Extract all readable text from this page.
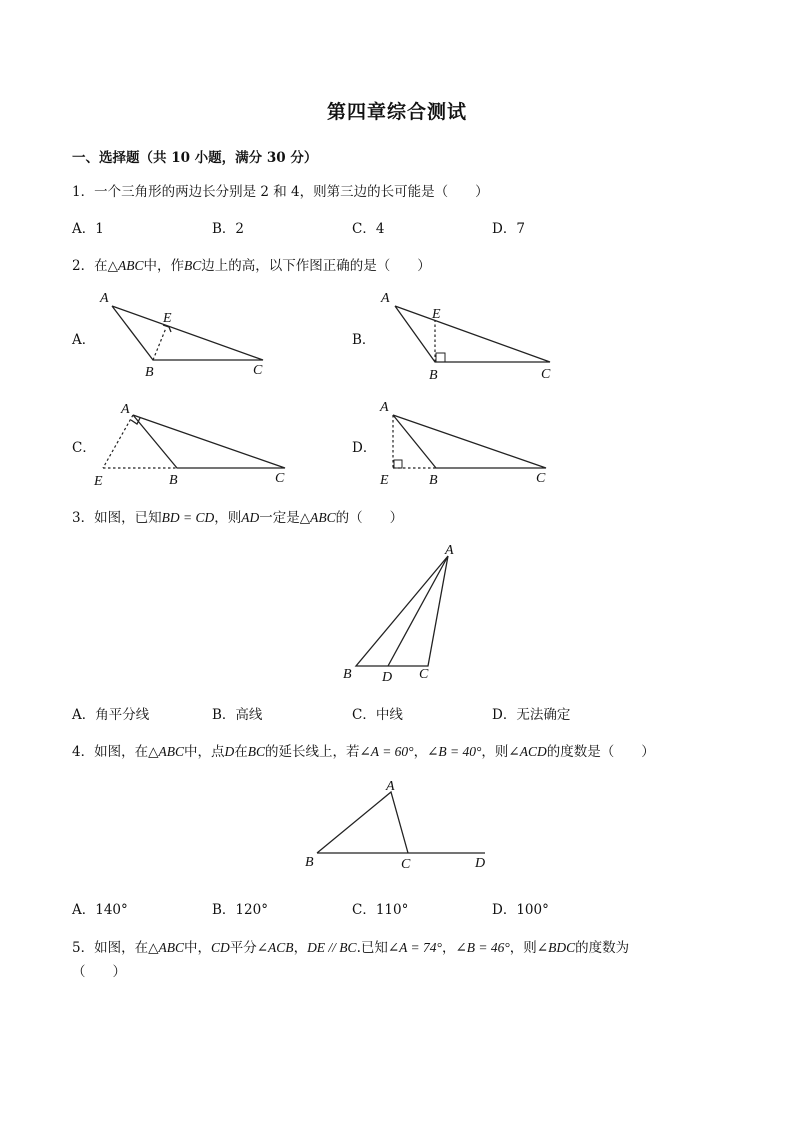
第四章综合测试
一、选择题（共 10 小题，满分 30 分）
1．一个三角形的两边长分别是 2 和 4，则第三边的长可能是（　　）
A．1	B．2	C．4	D．7
2．在△ABC中，作BC边上的高，以下作图正确的是（　　）
A．	B．
C．	D．
A
E
B	C
A
E
B	C
A
E	B	C
A
E	B	C
3．如图，已知BD = CD，则AD一定是△ABC的（　　）
A
B D C
A．角平分线	B．高线	C．中线	D．无法确定
4．如图，在△ABC中，点D在BC的延长线上，若∠A = 60°，∠B = 40°，则∠ACD的度数是（　　）
A
B	C	D
A．140°	B．120°	C．110°	D．100°
5．如图，在△ABC中，CD平分∠ACB，DE // BC.已知∠A = 74°，∠B = 46°，则∠BDC的度数为
（　　）
